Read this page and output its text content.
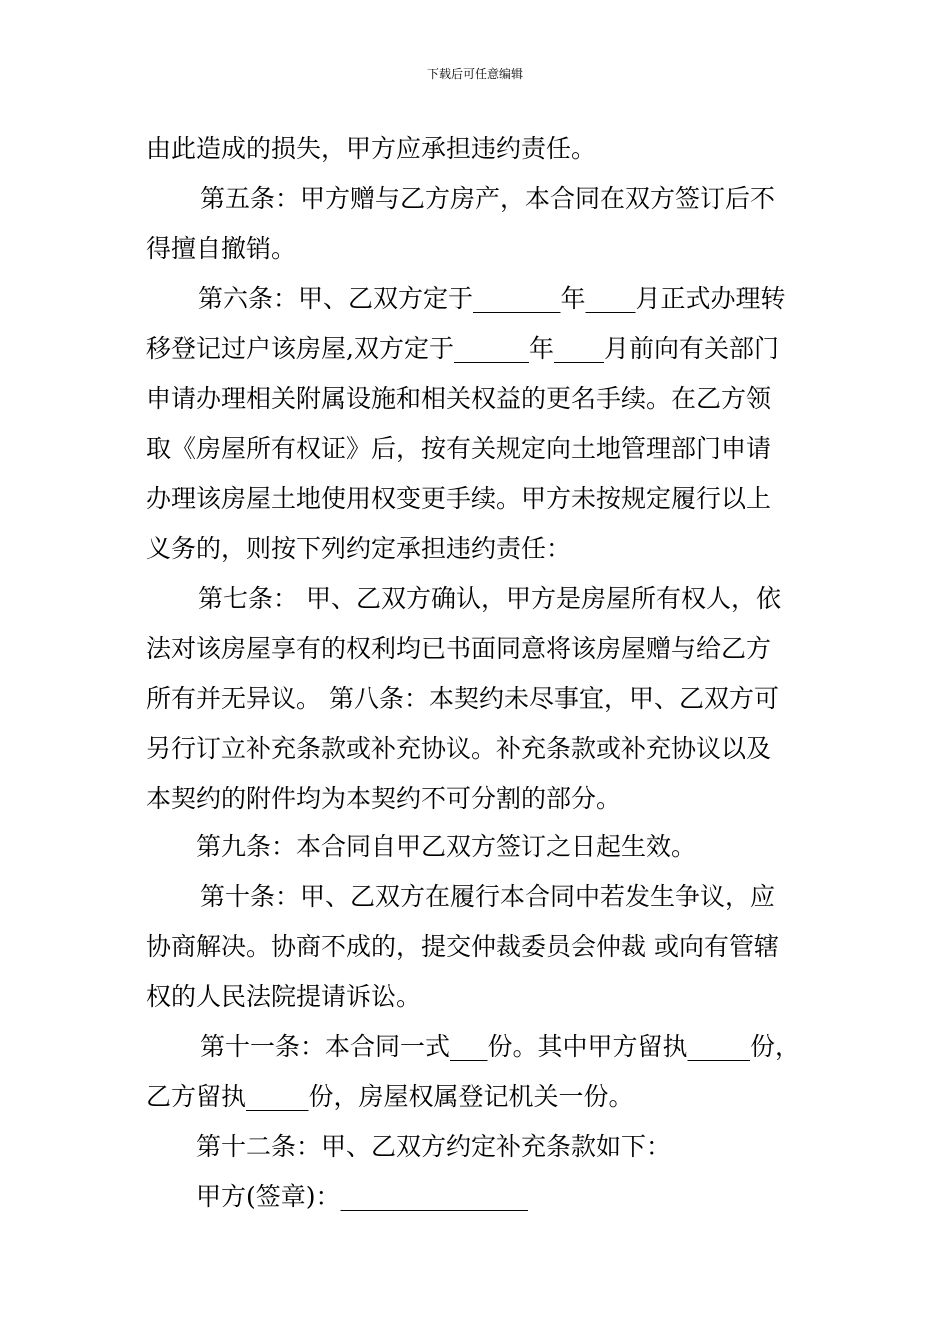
下载后可任意编辑
由此造成的损失，甲方应承担违约责任。
第五条：甲方赠与乙方房产，本合同在双方签订后不
得擅自撤销。
第六条：甲、乙双方定于_______年____月正式办理转
移登记过户该房屋,双方定于______年____月前向有关部门
申请办理相关附属设施和相关权益的更名手续。在乙方领
取《房屋所有权证》后，按有关规定向土地管理部门申请
办理该房屋土地使用权变更手续。甲方未按规定履行以上
义务的，则按下列约定承担违约责任：
第七条： 甲、乙双方确认，甲方是房屋所有权人，依
法对该房屋享有的权利均已书面同意将该房屋赠与给乙方
所有并无异议。 第八条：本契约未尽事宜，甲、乙双方可
另行订立补充条款或补充协议。补充条款或补充协议以及
本契约的附件均为本契约不可分割的部分。
第九条：本合同自甲乙双方签订之日起生效。
第十条：甲、乙双方在履行本合同中若发生争议，应
协商解决。协商不成的，提交仲裁委员会仲裁 或向有管辖
权的人民法院提请诉讼。
第十一条：本合同一式___份。其中甲方留执_____份，
乙方留执_____份，房屋权属登记机关一份。
第十二条：甲、乙双方约定补充条款如下：
甲方(签章)：_______________
